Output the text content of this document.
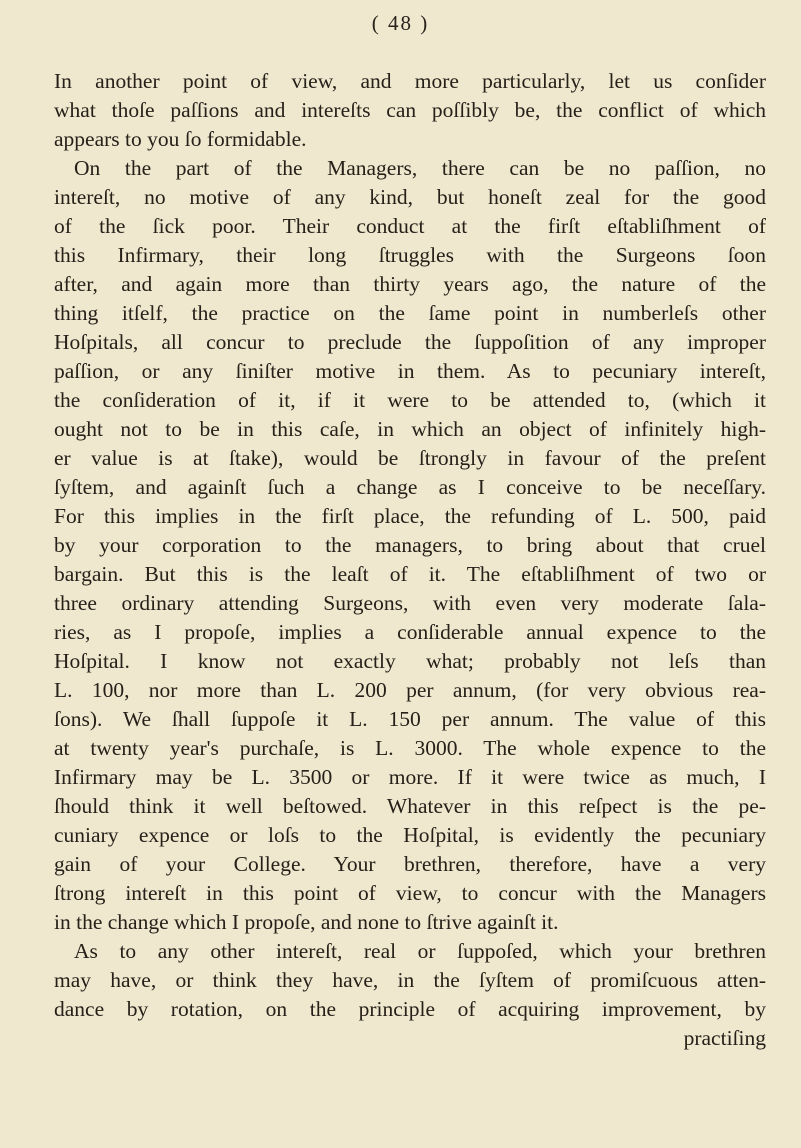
( 48 )
In another point of view, and more particularly, let us conſider
what thoſe paſſions and intereſts can poſſibly be, the conflict of which
appears to you ſo formidable.
On the part of the Managers, there can be no paſſion, no
intereſt, no motive of any kind, but honeſt zeal for the good
of the ſick poor. Their conduct at the firſt eſtabliſhment of
this Infirmary, their long ſtruggles with the Surgeons ſoon
after, and again more than thirty years ago, the nature of the
thing itſelf, the practice on the ſame point in numberleſs other
Hoſpitals, all concur to preclude the ſuppoſition of any improper
paſſion, or any ſiniſter motive in them. As to pecuniary intereſt,
the conſideration of it, if it were to be attended to, (which it
ought not to be in this caſe, in which an object of infinitely high-
er value is at ſtake), would be ſtrongly in favour of the preſent
ſyſtem, and againſt ſuch a change as I conceive to be neceſſary.
For this implies in the firſt place, the refunding of L. 500, paid
by your corporation to the managers, to bring about that cruel
bargain. But this is the leaſt of it. The eſtabliſhment of two or
three ordinary attending Surgeons, with even very moderate ſala-
ries, as I propoſe, implies a conſiderable annual expence to the
Hoſpital. I know not exactly what; probably not leſs than
L. 100, nor more than L. 200 per annum, (for very obvious rea-
ſons). We ſhall ſuppoſe it L. 150 per annum. The value of this
at twenty year's purchaſe, is L. 3000. The whole expence to the
Infirmary may be L. 3500 or more. If it were twice as much, I
ſhould think it well beſtowed. Whatever in this reſpect is the pe-
cuniary expence or loſs to the Hoſpital, is evidently the pecuniary
gain of your College. Your brethren, therefore, have a very
ſtrong intereſt in this point of view, to concur with the Managers
in the change which I propoſe, and none to ſtrive againſt it.
As to any other intereſt, real or ſuppoſed, which your brethren
may have, or think they have, in the ſyſtem of promiſcuous atten-
dance by rotation, on the principle of acquiring improvement, by
practiſing
